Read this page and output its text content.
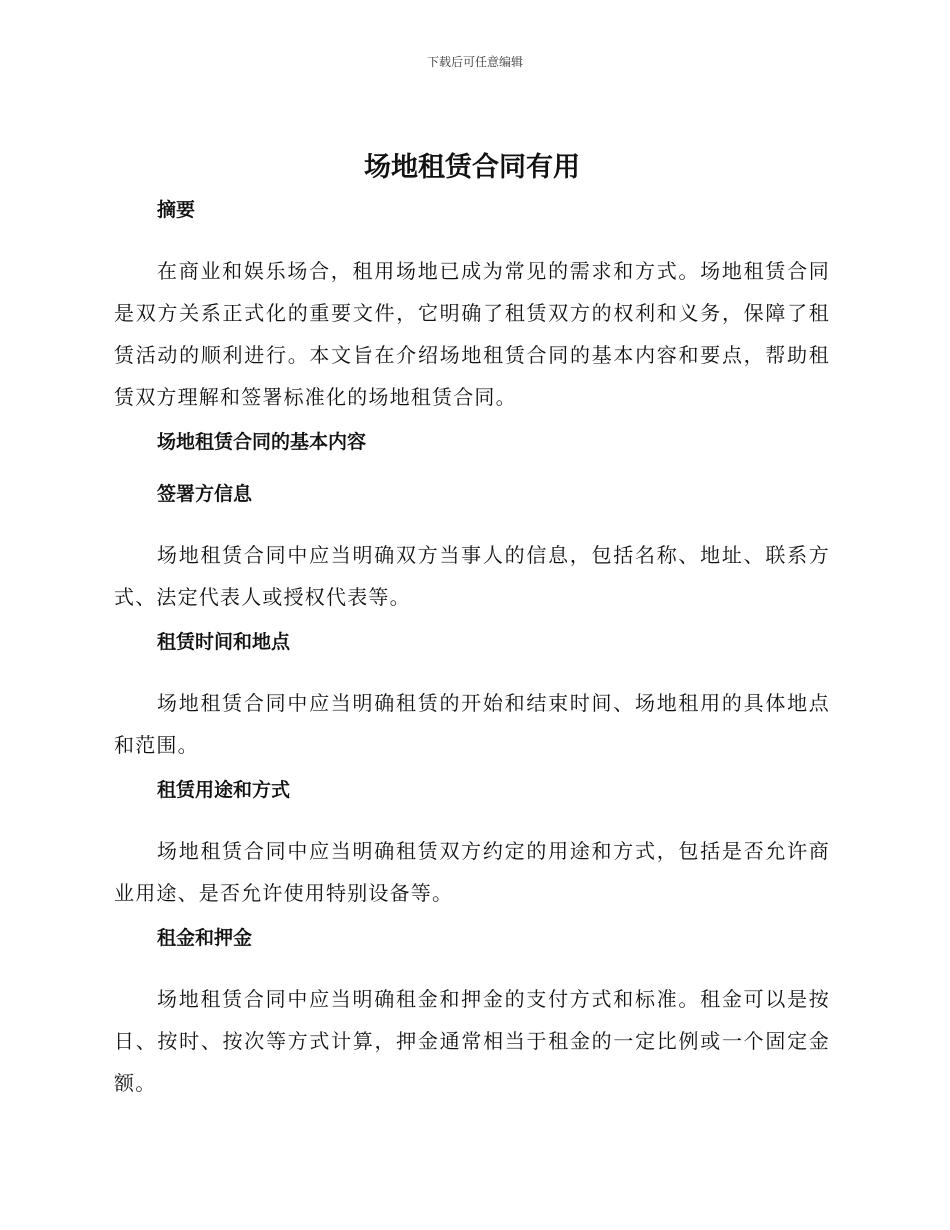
下载后可任意编辑
场地租赁合同有用
摘要

在商业和娱乐场合，租用场地已成为常见的需求和方式。场地租赁合同是双方关系正式化的重要文件，它明确了租赁双方的权利和义务，保障了租赁活动的顺利进行。本文旨在介绍场地租赁合同的基本内容和要点，帮助租赁双方理解和签署标准化的场地租赁合同。

场地租赁合同的基本内容
签署方信息

场地租赁合同中应当明确双方当事人的信息，包括名称、地址、联系方式、法定代表人或授权代表等。

租赁时间和地点

场地租赁合同中应当明确租赁的开始和结束时间、场地租用的具体地点和范围。

租赁用途和方式

场地租赁合同中应当明确租赁双方约定的用途和方式，包括是否允许商业用途、是否允许使用特别设备等。

租金和押金

场地租赁合同中应当明确租金和押金的支付方式和标准。租金可以是按日、按时、按次等方式计算，押金通常相当于租金的一定比例或一个固定金额。
